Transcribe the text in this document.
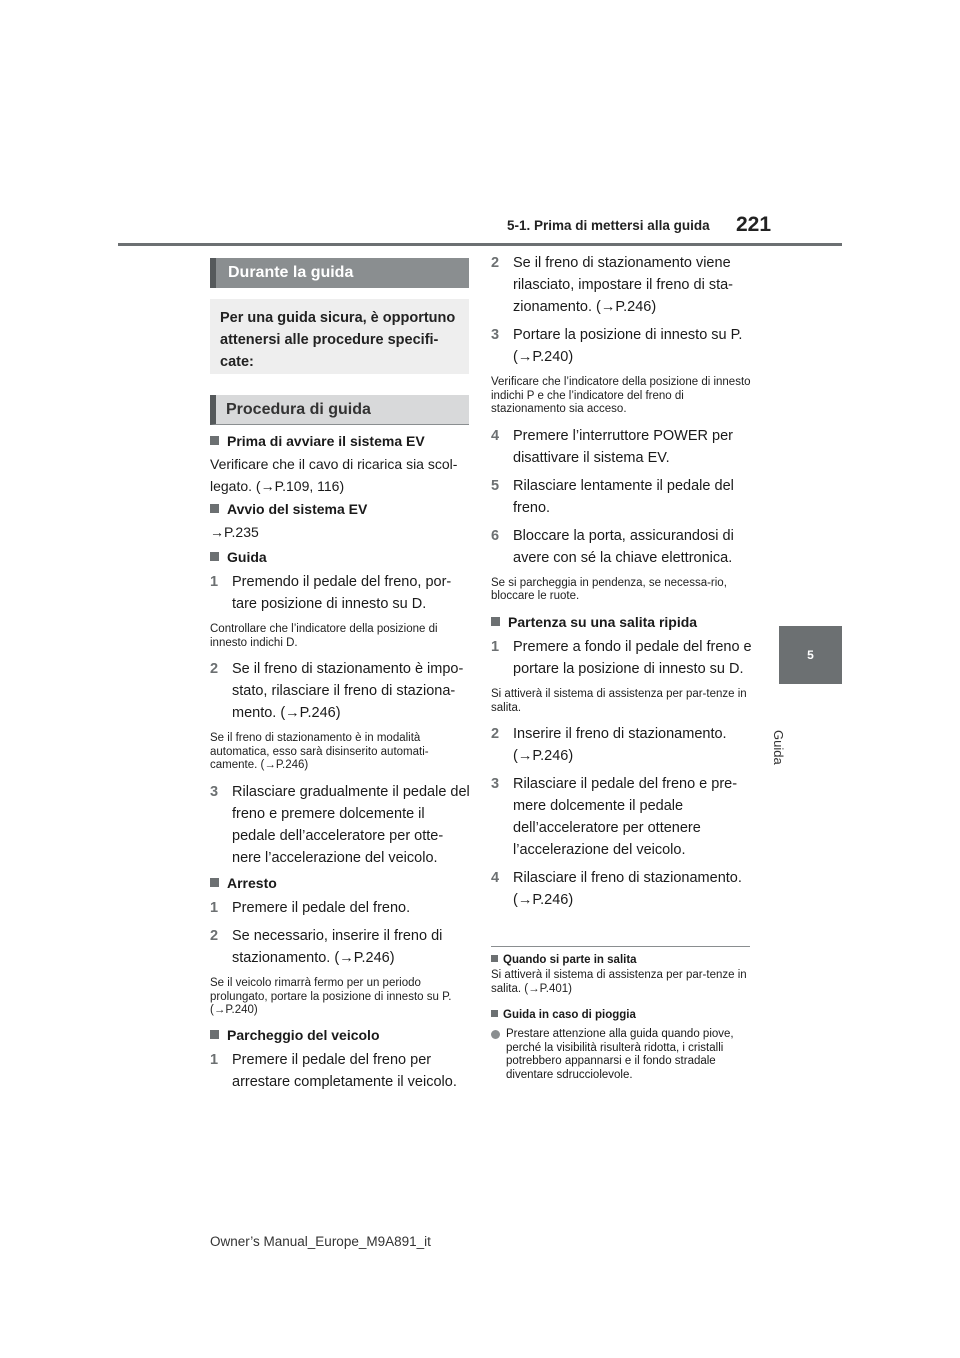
5-1. Prima di mettersi alla guida 221
5
Guida
Durante la guida
Per una guida sicura, è opportuno attenersi alle procedure specifi-cate:
Procedura di guida
Prima di avviare il sistema EV
Verificare che il cavo di ricarica sia scol-legato. (→P.109, 116)
Avvio del sistema EV
→P.235
Guida
1 Premendo il pedale del freno, por-tare posizione di innesto su D.
Controllare che l’indicatore della posizione di innesto indichi D.
2 Se il freno di stazionamento è impo-stato, rilasciare il freno di staziona-mento. (→P.246)
Se il freno di stazionamento è in modalità automatica, esso sarà disinserito automati-camente. (→P.246)
3 Rilasciare gradualmente il pedale del freno e premere dolcemente il pedale dell’acceleratore per otte-nere l’accelerazione del veicolo.
Arresto
1 Premere il pedale del freno.
2 Se necessario, inserire il freno di stazionamento. (→P.246)
Se il veicolo rimarrà fermo per un periodo prolungato, portare la posizione di innesto su P. (→P.240)
Parcheggio del veicolo
1 Premere il pedale del freno per arrestare completamente il veicolo.
2 Se il freno di stazionamento viene rilasciato, impostare il freno di sta-zionamento. (→P.246)
3 Portare la posizione di innesto su P. (→P.240)
Verificare che l’indicatore della posizione di innesto indichi P e che l’indicatore del freno di stazionamento sia acceso.
4 Premere l’interruttore POWER per disattivare il sistema EV.
5 Rilasciare lentamente il pedale del freno.
6 Bloccare la porta, assicurandosi di avere con sé la chiave elettronica.
Se si parcheggia in pendenza, se necessa-rio, bloccare le ruote.
Partenza su una salita ripida
1 Premere a fondo il pedale del freno e portare la posizione di innesto su D.
Si attiverà il sistema di assistenza per par-tenze in salita.
2 Inserire il freno di stazionamento. (→P.246)
3 Rilasciare il pedale del freno e pre-mere dolcemente il pedale dell’acceleratore per ottenere l’accelerazione del veicolo.
4 Rilasciare il freno di stazionamento. (→P.246)
Quando si parte in salita
Si attiverà il sistema di assistenza per par-tenze in salita. (→P.401)
Guida in caso di pioggia
Prestare attenzione alla guida quando piove, perché la visibilità risulterà ridotta, i cristalli potrebbero appannarsi e il fondo stradale diventare sdrucciolevole.
Owner’s Manual_Europe_M9A891_it
